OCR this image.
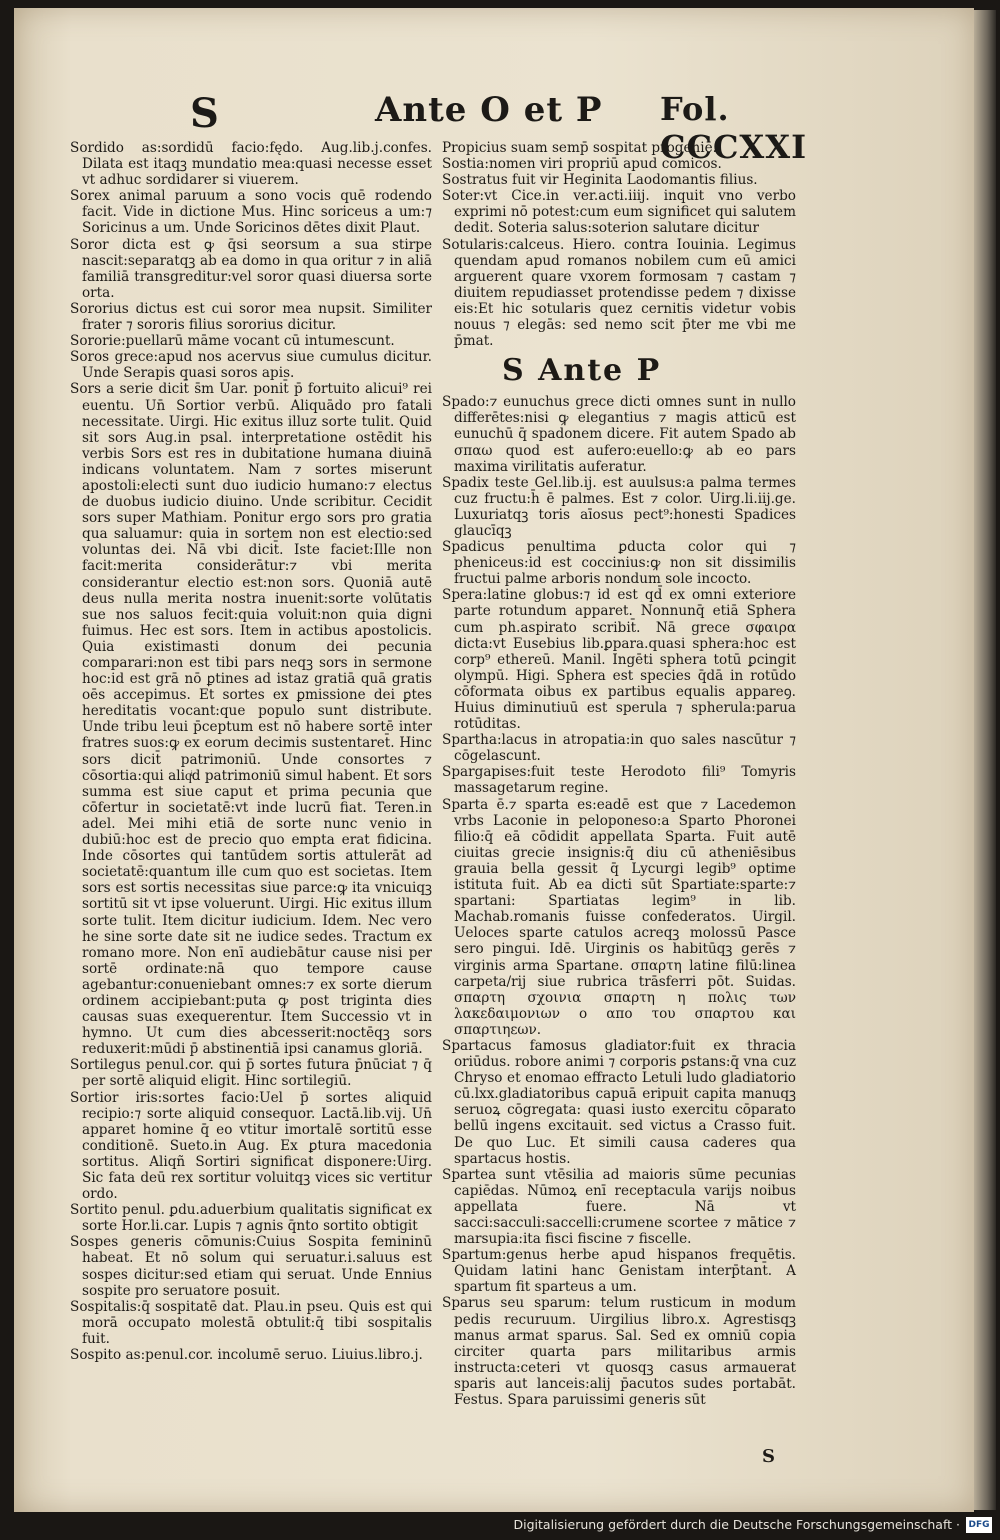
S	Ante O et P Fol. CCCXXI

Sordido as:sordidū facio:fędo. Aug.lib.j.confes. Dilata est itaqꝫ mundatio mea:quasi necesse esset vt adhuc sordidarer si viuerem.

Sorex animal paruum a sono vocis quē rodendo facit. Vide in dictione Mus. Hinc soriceus a um:⁊ Soricinus a um. Unde Soricinos dētes dixit Plaut.

Soror dicta est ꝙ q̄si seorsum a sua stirpe nascit:separatqꝫ ab ea domo in qua oritur ⁊ in aliā familiā transgreditur:vel soror quasi diuersa sorte orta.

Sororius dictus est cui soror mea nupsit. Similiter frater ⁊ sororis filius sororius dicitur.

Sororie:puellarū māme vocant cū intumescunt.

Soros grece:apud nos acervus siue cumulus dicitur. Unde Serapis quasi soros apis.

Sors a serie dicit̄ s̄m Uar. ponit̄ p̄ fortuito alicui⁹ rei euentu. Un̄ Sortior verbū. Aliquādo pro fatali necessitate. Uirgi. Hic exitus illuz sorte tulit. Quid sit sors Aug.in psal. interpretatione ostēdit his verbis Sors est res in dubitatione humana diuinā indicans voluntatem. Nam ⁊ sortes miserunt apostoli:electi sunt duo iudicio humano:⁊ electus de duobus iudicio diuino. Unde scribitur. Cecidit sors super Mathiam. Ponitur ergo sors pro gratia qua saluamur: quia in sortem non est electio:sed voluntas dei. Nā vbi dicit̄. Iste faciet:Ille non facit:merita considerātur:⁊ vbi merita considerantur electio est:non sors. Quoniā autē deus nulla merita nostra inuenit:sorte volūtatis sue nos saluos fecit:quia voluit:non quia digni fuimus. Hec est sors. Item in actibus apostolicis. Quia existimasti donum dei pecunia comparari:non est tibi pars neqꝫ sors in sermone hoc:id est grā nō ꝑtines ad istaz gratiā quā gratis oēs accepimus. Et sortes ex ꝑmissione dei ꝑtes hereditatis vocant:que populo sunt distribute. Unde tribu leui p̄ceptum est nō habere sortē inter fratres suos:ꝙ ex eorum decimis sustentaret̄. Hinc sors dicit̄ patrimoniū. Unde consortes ⁊ cōsortia:qui aliqͥd patrimoniū simul habent. Et sors summa est siue caput et prima pecunia que cōfertur in societatē:vt inde lucrū fiat. Teren.in adel. Mei mihi etiā de sorte nunc venio in dubiū:hoc est de precio quo empta erat fidicina. Inde cōsortes qui tantūdem sortis attulerāt ad societatē:quantum ille cum quo est societas. Item sors est sortis necessitas siue parce:ꝙ ita vnicuiqꝫ sortitū sit vt ipse voluerunt. Uirgi. Hic exitus illum sorte tulit. Item dicitur iudicium. Idem. Nec vero he sine sorte date sit ne iudice sedes. Tractum ex romano more. Non enī audiebātur cause nisi per sortē ordinate:nā quo tempore cause agebantur:conueniebant omnes:⁊ ex sorte dierum ordinem accipiebant:puta ꝙ post triginta dies causas suas exequerentur. Item Successio vt in hymno. Ut cum dies abcesserit:noctēqꝫ sors reduxerit:mūdi p̄ abstinentiā ipsi canamus gloriā.

Sortilegus penul.cor. qui p̄ sortes futura p̄nūciat ⁊ q̄ per sortē aliquid eligit. Hinc sortilegiū.

Sortior iris:sortes facio:Uel p̄ sortes aliquid recipio:⁊ sorte aliquid consequor. Lactā.lib.vij. Un̄ apparet homine q̄ eo vtitur imortalē sortitū esse conditionē. Sueto.in Aug. Ex ꝑtura macedonia sortitus. Aliqñ Sortiri significat disponere:Uirg. Sic fata deū rex sortitur voluitqꝫ vices sic vertitur ordo.

Sortito penul. ꝑdu.aduerbium qualitatis significat ex sorte Hor.li.car. Lupis ⁊ agnis q̄nto sortito obtigit

Sospes generis cōmunis:Cuius Sospita femininū habeat. Et nō solum qui seruatur.i.saluus est sospes dicitur:sed etiam qui seruat. Unde Ennius sospite pro seruatore posuit.

Sospitalis:q̄ sospitatē dat. Plau.in pseu. Quis est qui morā occupato molestā obtulit:q̄ tibi sospitalis fuit.

Sospito as:penul.cor. incolumē seruo. Liuius.libro.j.

Propicius suam semp̄ sospitat progeniē.

Sostia:nomen viri propriū apud comicos.

Sostratus fuit vir Heginita Laodomantis filius.

Soter:vt Cice.in ver.acti.iiij. inquit vno verbo exprimi nō potest:cum eum significet qui salutem dedit. Soteria salus:soterion salutare dicitur

Sotularis:calceus. Hiero. contra Iouinia. Legimus quendam apud romanos nobilem cum eū amici arguerent quare vxorem formosam ⁊ castam ⁊ diuitem repudiasset protendisse pedem ⁊ dixisse eis:Et hic sotularis quez cernitis videtur vobis nouus ⁊ elegās: sed nemo scit p̄ter me vbi me p̄mat.

S Ante P

Spado:⁊ eunuchus grece dicti omnes sunt in nullo differētes:nisi ꝙ elegantius ⁊ magis atticū est eunuchū q̄ spadonem dicere. Fit autem Spado ab σπαω quod est aufero:euello:ꝙ ab eo pars maxima virilitatis auferatur.

Spadix teste Gel.lib.ij. est auulsus:a palma termes cuz fructu:h̄ ē palmes. Est ⁊ color. Uirg.li.iij.ge. Luxuriatqꝫ toris aīosus pect⁹:honesti Spadices glaucīqꝫ

Spadicus penultima ꝑducta color qui ⁊ pheniceus:id est coccinius:ꝙ non sit dissimilis fructui palme arboris nondum sole incocto.

Spera:latine globus:⁊ id est qd̄ ex omni exteriore parte rotundum apparet. Nonnunq̄ etiā Sphera cum ph.aspirato scribit̄. Nā grece σφαιρα dicta:vt Eusebius lib.ꝑpara.quasi sphera:hoc est corp⁹ ethereū. Manil. Ingēti sphera totū ꝑcingit olympū. Higi. Sphera est species q̄dā in rotūdo cōformata oibus ex partibus equalis appareꝯ. Huius diminutiuū est sperula ⁊ spherula:parua rotūditas.

Spartha:lacus in atropatia:in quo sales nascūtur ⁊ cōgelascunt.

Spargapises:fuit teste Herodoto fili⁹ Tomyris massagetarum regine.

Sparta ē.⁊ sparta es:eadē est que ⁊ Lacedemon vrbs Laconie in peloponeso:a Sparto Phoronei filio:q̄ eā cōdidit appellata Sparta. Fuit autē ciuitas grecie insignis:q̄ diu cū atheniēsibus grauia bella gessit q̄ Lycurgi legib⁹ optime istituta fuit. Ab ea dicti sūt Spartiate:sparte:⁊ spartani: Spartiatas legim⁹ in lib. Machab.romanis fuisse confederatos. Uirgil. Ueloces sparte catulos acreqꝫ molossū Pasce sero pingui. Idē. Uirginis os habitūqꝫ gerēs ⁊ virginis arma Spartane. σπαρτη latine filū:linea carpeta/rij siue rubrica trāsferri pōt. Suidas. σπαρτη σχοινια σπαρτη η πολις των λακεδαιμονιων ο απο του σπαρτου και σπαρτιηεων.

Spartacus famosus gladiator:fuit ex thracia oriūdus. robore animi ⁊ corporis ꝑstans:q̄ vna cuz Chryso et enomao effracto Letuli ludo gladiatorio cū.lxx.gladiatoribus capuā eripuit capita manuqꝫ seruoꝝ cōgregata: quasi iusto exercitu cōparato bellū ingens excitauit. sed victus a Crasso fuit. De quo Luc. Et simili causa caderes qua spartacus hostis.

Spartea sunt vtēsilia ad maioris sūme pecunias capiēdas. Nūmoꝝ enī receptacula varijs noibus appellata fuere. Nā vt sacci:sacculi:saccelli:crumene scortee ⁊ mātice ⁊ marsupia:ita fisci fiscine ⁊ fiscelle.

Spartum:genus herbe apud hispanos frequētis. Quidam latini hanc Genistam interp̄tant̄. A spartum fit sparteus a um.

Sparus seu sparum: telum rusticum in modum pedis recuruum. Uirgilius libro.x. Agrestisqꝫ manus armat sparus. Sal. Sed ex omniū copia circiter quarta pars militaribus armis instructa:ceteri vt quosqꝫ casus armauerat sparis aut lanceis:alij p̄acutos sudes portabāt. Festus. Spara paruissimi generis sūt

S
Digitalisierung gefördert durch die Deutsche Forschungsgemeinschaft · DFG
